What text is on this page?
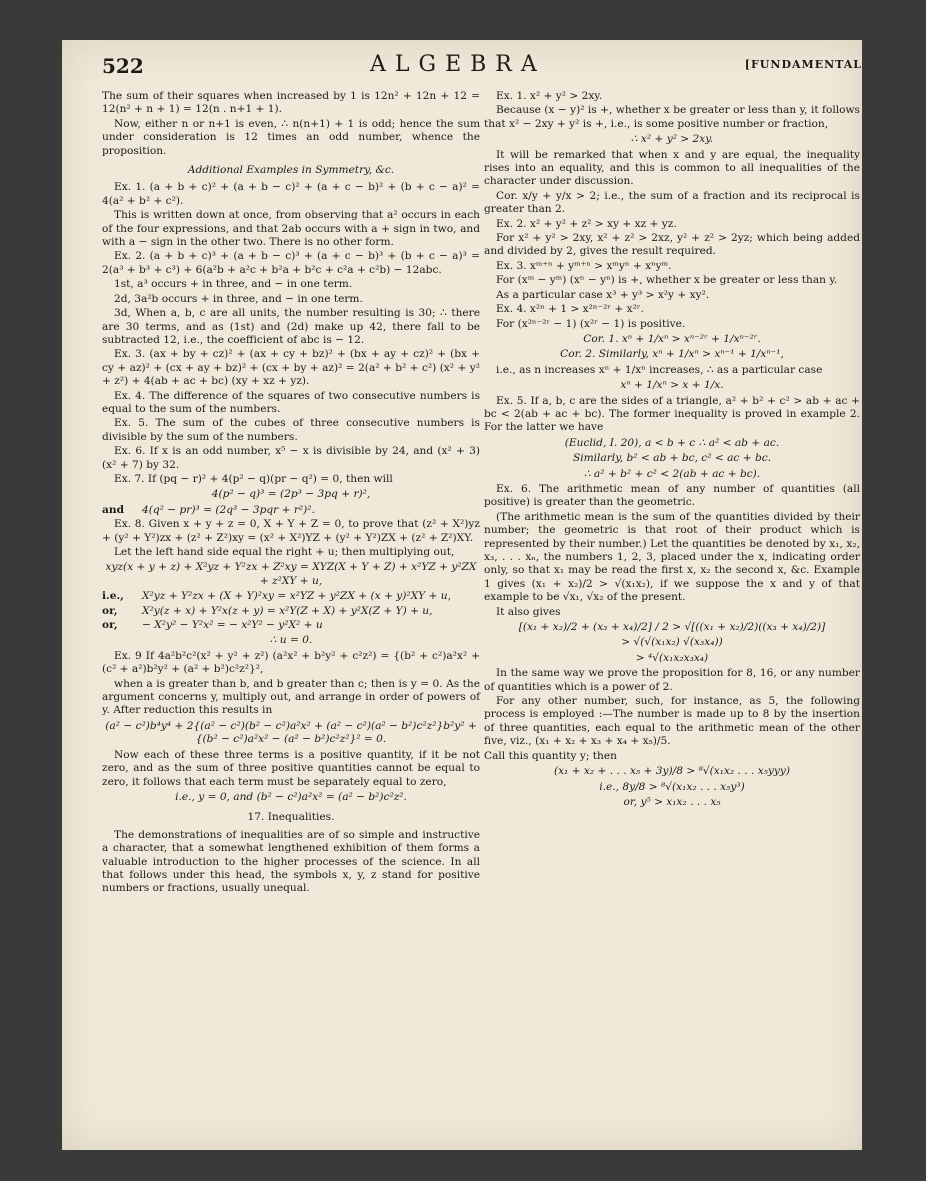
522	ALGEBRA	[FUNDAMENTAL

The sum of their squares when increased by 1 is 12n² + 12n + 12 = 12(n² + n + 1) = 12(n . n+1 + 1).

Now, either n or n+1 is even, ∴ n(n+1) + 1 is odd; hence the sum under consideration is 12 times an odd number, whence the proposition.

Additional Examples in Symmetry, &c.

Ex. 1. (a + b + c)² + (a + b − c)² + (a + c − b)² + (b + c − a)² = 4(a² + b² + c²).

This is written down at once, from observing that a² occurs in each of the four expressions, and that 2ab occurs with a + sign in two, and with a − sign in the other two. There is no other form.

Ex. 2. (a + b + c)³ + (a + b − c)³ + (a + c − b)³ + (b + c − a)³ = 2(a³ + b³ + c³) + 6(a²b + a²c + b²a + b²c + c²a + c²b) − 12abc.

1st, a³ occurs + in three, and − in one term.

2d, 3a²b occurs + in three, and − in one term.

3d, When a, b, c are all units, the number resulting is 30; ∴ there are 30 terms, and as (1st) and (2d) make up 42, there fall to be subtracted 12, i.e., the coefficient of abc is − 12.

Ex. 3. (ax + by + cz)² + (ax + cy + bz)² + (bx + ay + cz)² + (bx + cy + az)² + (cx + ay + bz)² + (cx + by + az)² = 2(a² + b² + c²) (x² + y² + z²) + 4(ab + ac + bc) (xy + xz + yz).

Ex. 4. The difference of the squares of two consecutive numbers is equal to the sum of the numbers.

Ex. 5. The sum of the cubes of three consecutive numbers is divisible by the sum of the numbers.

Ex. 6. If x is an odd number, x⁵ − x is divisible by 24, and (x² + 3) (x² + 7) by 32.

Ex. 7. If (pq − r)² + 4(p² − q)(pr − q²) = 0, then will

4(p² − q)³ = (2p³ − 3pq + r)²,

and 4(q² − pr)³ = (2q³ − 3pqr + r²)².

Ex. 8. Given x + y + z = 0, X + Y + Z = 0, to prove that (z² + X²)yz + (y² + Y²)zx + (z² + Z²)xy = (x² + X²)YZ + (y² + Y²)ZX + (z² + Z²)XY.

Let the left hand side equal the right + u; then multiplying out,

xyz(x + y + z) + X²yz + Y²zx + Z²xy = XYZ(X + Y + Z) + x²YZ + y²ZX + z²XY + u,

i.e., X²yz + Y²zx + (X + Y)²xy = x²YZ + y²ZX + (x + y)²XY + u,

or, X²y(z + x) + Y²x(z + y) = x²Y(Z + X) + y²X(Z + Y) + u,

or, − X²y² − Y²x² = − x²Y² − y²X² + u

∴ u = 0.

Ex. 9 If 4a²b²c²(x² + y² + z²) (a²x² + b²y² + c²z²) = {(b² + c²)a²x² + (c² + a²)b²y² + (a² + b²)c²z²}²,

when a is greater than b, and b greater than c; then is y = 0. As the argument concerns y, multiply out, and arrange in order of powers of y. After reduction this results in

(a² − c²)b⁴y⁴ + 2{(a² − c²)(b² − c²)a²x² + (a² − c²)(a² − b²)c²z²}b²y² + {(b² − c²)a²x² − (a² − b²)c²z²}² = 0.

Now each of these three terms is a positive quantity, if it be not zero, and as the sum of three positive quantities cannot be equal to zero, it follows that each term must be separately equal to zero,

i.e., y = 0, and (b² − c²)a²x² = (a² − b²)c²z².

17. Inequalities.

The demonstrations of inequalities are of so simple and instructive a character, that a somewhat lengthened exhibition of them forms a valuable introduction to the higher processes of the science. In all that follows under this head, the symbols x, y, z stand for positive numbers or fractions, usually unequal.

Ex. 1. x² + y² > 2xy.

Because (x − y)² is +, whether x be greater or less than y, it follows that x² − 2xy + y² is +, i.e., is some positive number or fraction,

∴ x² + y² > 2xy.

It will be remarked that when x and y are equal, the inequality rises into an equality, and this is common to all inequalities of the character under discussion.

Cor. x/y + y/x > 2; i.e., the sum of a fraction and its reciprocal is greater than 2.

Ex. 2. x² + y² + z² > xy + xz + yz.

For x² + y² > 2xy, x² + z² > 2xz, y² + z² > 2yz; which being added and divided by 2, gives the result required.

Ex. 3. xᵐ⁺ⁿ + yᵐ⁺ⁿ > xᵐyⁿ + xⁿyᵐ.

For (xᵐ − yᵐ) (xⁿ − yⁿ) is +, whether x be greater or less than y.

As a particular case x³ + y³ > x²y + xy².

Ex. 4. x²ⁿ + 1 > x²ⁿ⁻²ʳ + x²ʳ.

For (x²ⁿ⁻²ʳ − 1) (x²ʳ − 1) is positive.

Cor. 1. xⁿ + 1/xⁿ > xⁿ⁻²ʳ + 1/xⁿ⁻²ʳ.

Cor. 2. Similarly, xⁿ + 1/xⁿ > xⁿ⁻¹ + 1/xⁿ⁻¹,

i.e., as n increases xⁿ + 1/xⁿ increases, ∴ as a particular case

xⁿ + 1/xⁿ > x + 1/x.

Ex. 5. If a, b, c are the sides of a triangle, a² + b² + c² > ab + ac + bc < 2(ab + ac + bc). The former inequality is proved in example 2. For the latter we have

(Euclid, I. 20), a < b + c ∴ a² < ab + ac.

Similarly, b² < ab + bc, c² < ac + bc.

∴ a² + b² + c² < 2(ab + ac + bc).

Ex. 6. The arithmetic mean of any number of quantities (all positive) is greater than the geometric.

(The arithmetic mean is the sum of the quantities divided by their number; the geometric is that root of their product which is represented by their number.) Let the quantities be denoted by x₁, x₂, x₃, . . . xₙ, the numbers 1, 2, 3, placed under the x, indicating order only, so that x₁ may be read the first x, x₂ the second x, &c. Example 1 gives (x₁ + x₂)/2 > √(x₁x₂), if we suppose the x and y of that example to be √x₁, √x₂ of the present.

It also gives

[(x₁ + x₂)/2 + (x₃ + x₄)/2] / 2 > √[((x₁ + x₂)/2)((x₃ + x₄)/2)]

> √(√(x₁x₂) √(x₃x₄))

> ⁴√(x₁x₂x₃x₄)

In the same way we prove the proposition for 8, 16, or any number of quantities which is a power of 2.

For any other number, such, for instance, as 5, the following process is employed :—The number is made up to 8 by the insertion of three quantities, each equal to the arithmetic mean of the other five, viz., (x₁ + x₂ + x₃ + x₄ + x₅)/5.

Call this quantity y; then

(x₁ + x₂ + . . . x₅ + 3y)/8 > ⁸√(x₁x₂ . . . x₅yyy)

i.e., 8y/8 > ⁸√(x₁x₂ . . . x₅y³)

or, y⁵ > x₁x₂ . . . x₅
